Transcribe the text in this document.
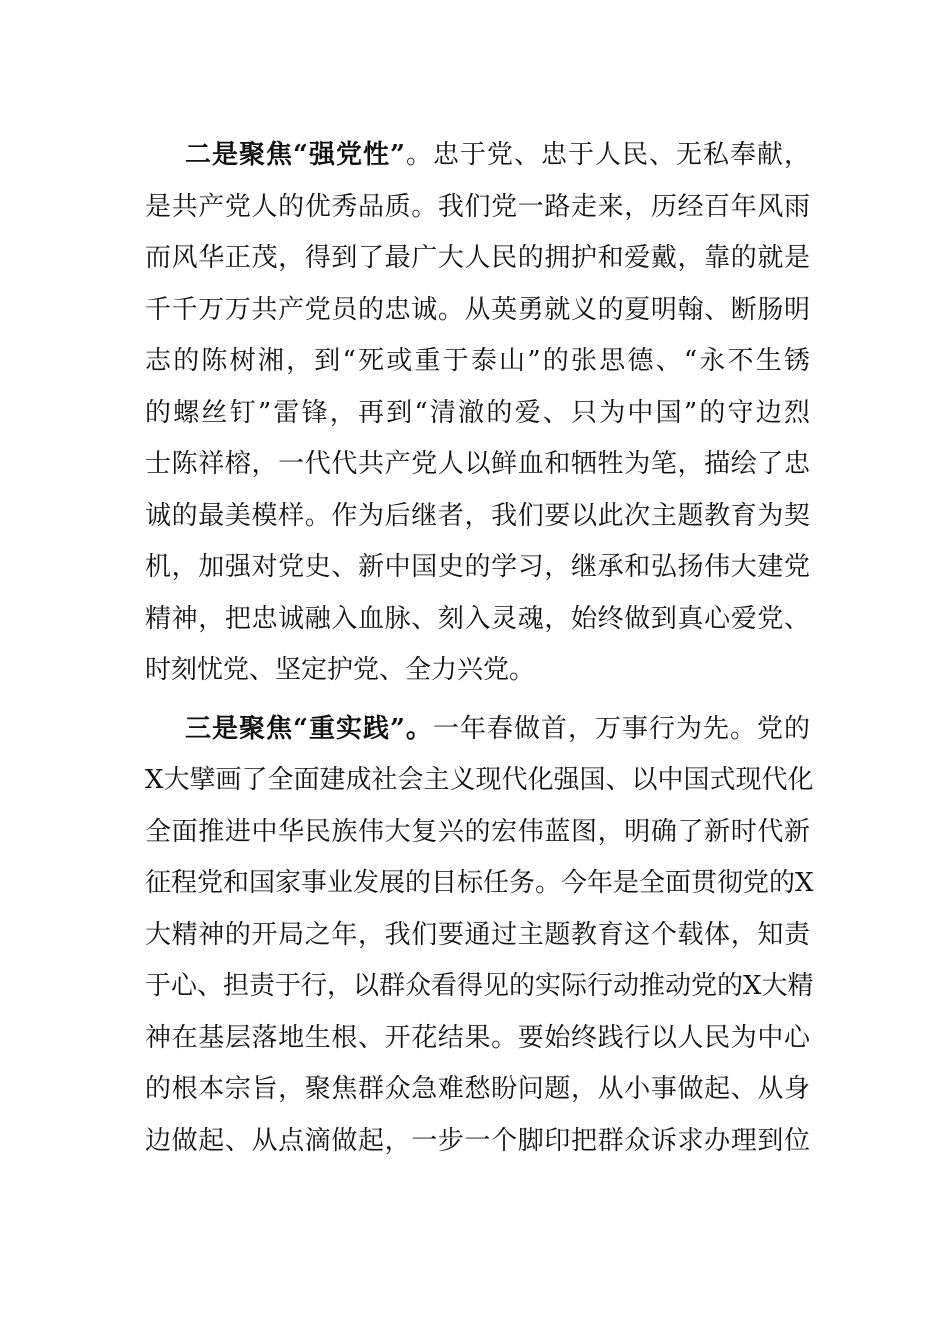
二是聚焦“强党性”。忠于党、忠于人民、无私奉献，
是共产党人的优秀品质。我们党一路走来，历经百年风雨
而风华正茂，得到了最广大人民的拥护和爱戴，靠的就是
千千万万共产党员的忠诚。从英勇就义的夏明翰、断肠明
志的陈树湘，到“死或重于泰山”的张思德、“永不生锈
的螺丝钉”雷锋，再到“清澈的爱、只为中国”的守边烈
士陈祥榕，一代代共产党人以鲜血和牺牲为笔，描绘了忠
诚的最美模样。作为后继者，我们要以此次主题教育为契
机，加强对党史、新中国史的学习，继承和弘扬伟大建党
精神，把忠诚融入血脉、刻入灵魂，始终做到真心爱党、
时刻忧党、坚定护党、全力兴党。
三是聚焦“重实践”。一年春做首，万事行为先。党的
X大擘画了全面建成社会主义现代化强国、以中国式现代化
全面推进中华民族伟大复兴的宏伟蓝图，明确了新时代新
征程党和国家事业发展的目标任务。今年是全面贯彻党的X
大精神的开局之年，我们要通过主题教育这个载体，知责
于心、担责于行，以群众看得见的实际行动推动党的X大精
神在基层落地生根、开花结果。要始终践行以人民为中心
的根本宗旨，聚焦群众急难愁盼问题，从小事做起、从身
边做起、从点滴做起，一步一个脚印把群众诉求办理到位
